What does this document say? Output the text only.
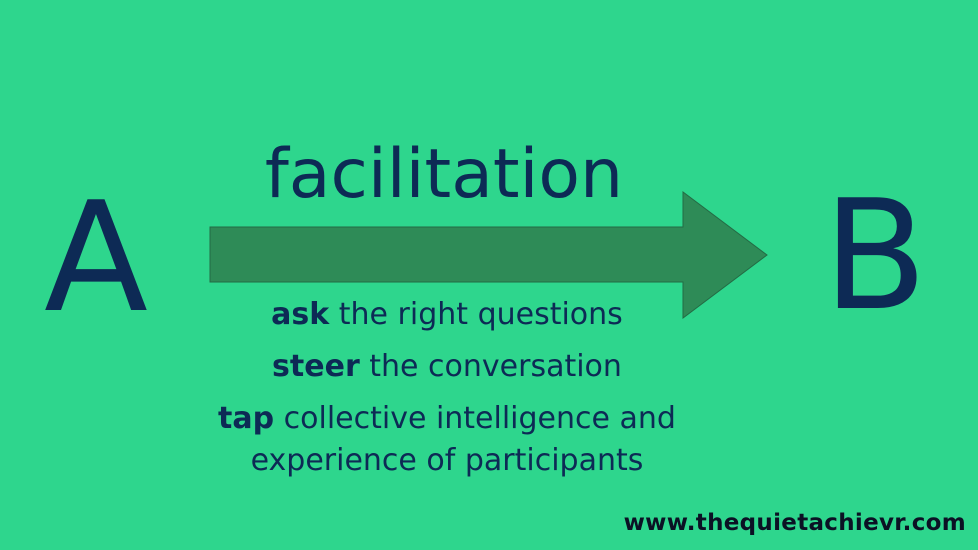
A	B
facilitation
ask the right questions
steer the conversation
tap collective intelligence and experience of participants
www.thequietachievr.com
